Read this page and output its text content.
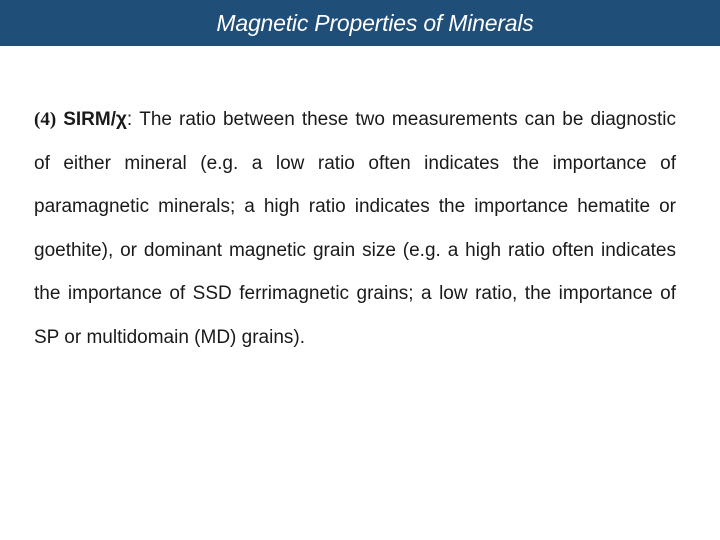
Magnetic Properties of Minerals

(4) SIRM/χ: The ratio between these two measurements can be diagnostic of either mineral (e.g. a low ratio often indicates the importance of paramagnetic minerals; a high ratio indicates the importance hematite or goethite), or dominant magnetic grain size (e.g. a high ratio often indicates the importance of SSD ferrimagnetic grains; a low ratio, the importance of SP or multidomain (MD) grains).
